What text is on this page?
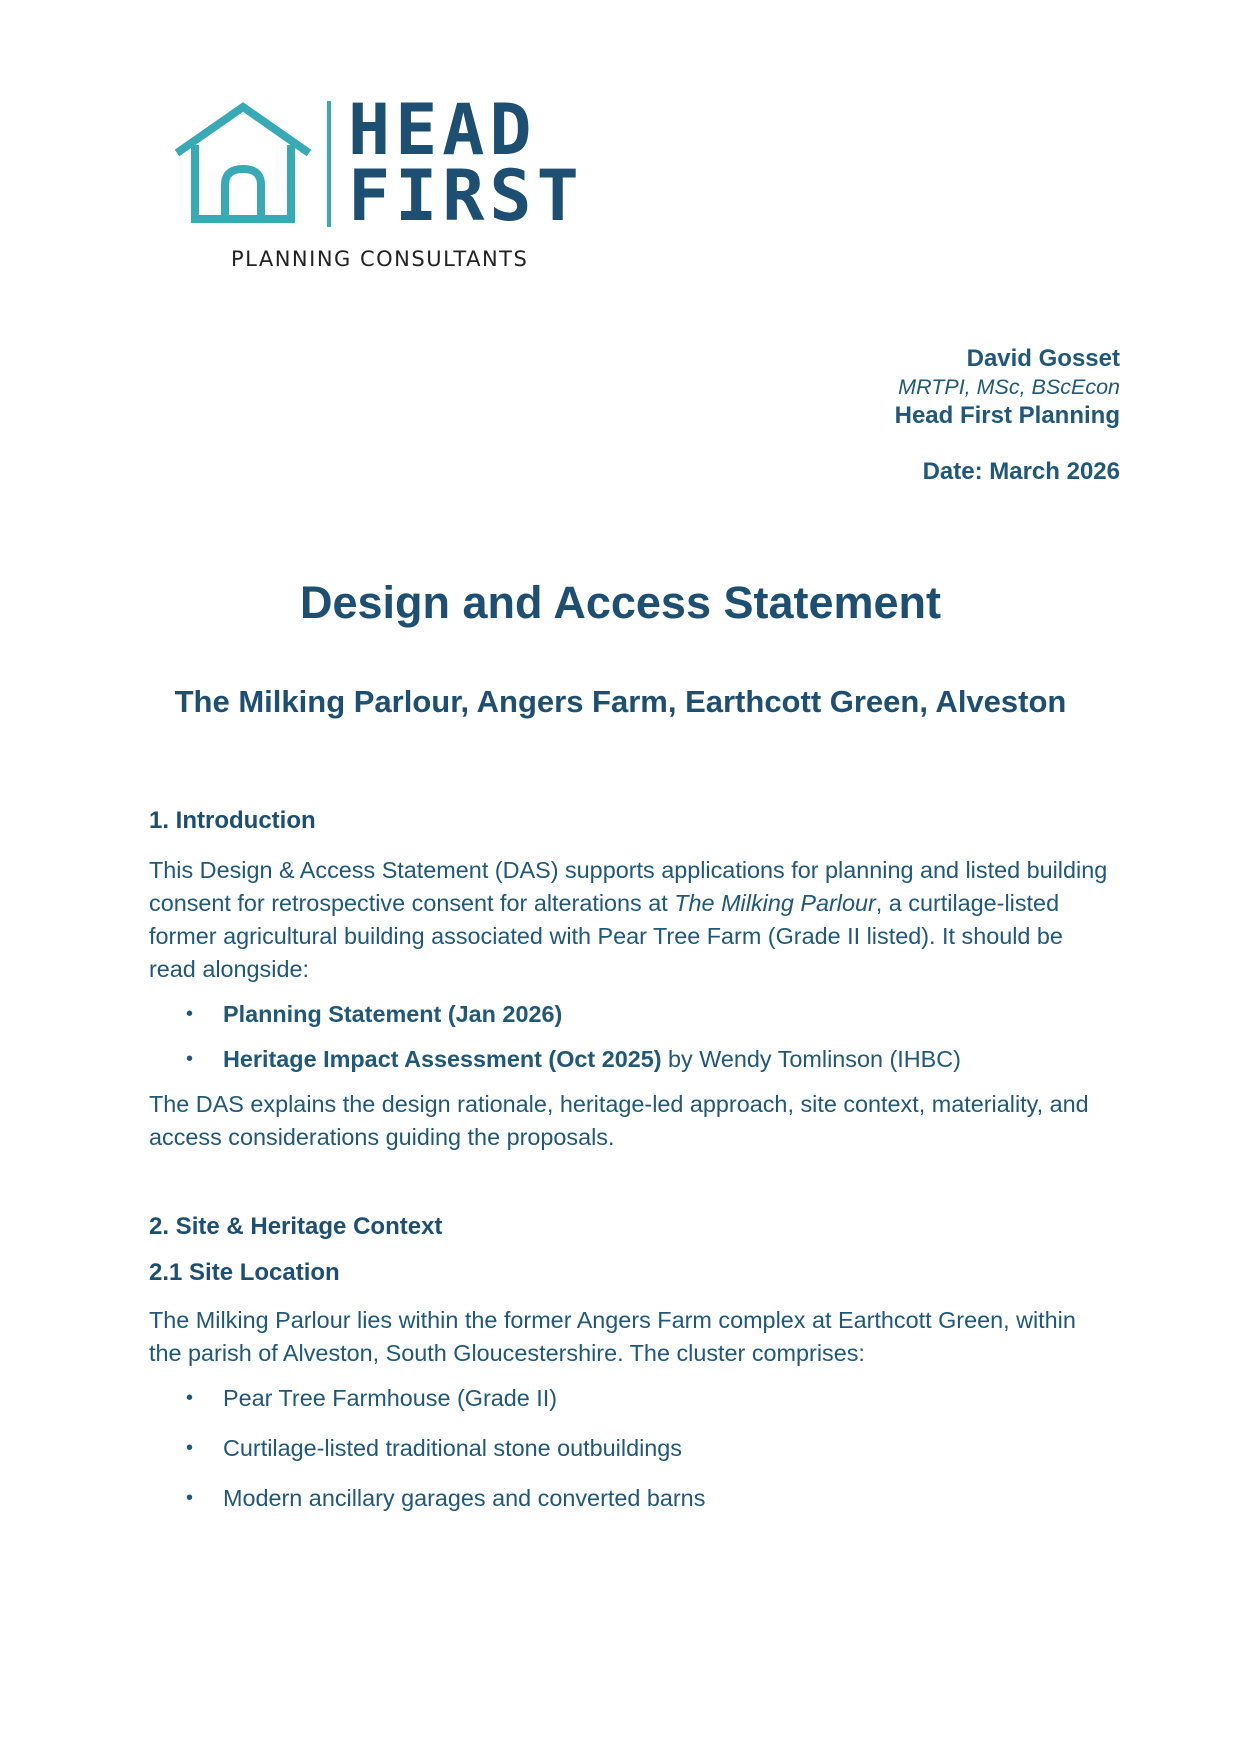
HEAD
FIRST
PLANNING CONSULTANTS
David Gosset
MRTPI, MSc, BScEcon
Head First Planning
Date: March 2026
Design and Access Statement
The Milking Parlour, Angers Farm, Earthcott Green, Alveston
1. Introduction

This Design & Access Statement (DAS) supports applications for planning and listed building consent for retrospective consent for alterations at The Milking Parlour, a curtilage-listed former agricultural building associated with Pear Tree Farm (Grade II listed). It should be read alongside:

• Planning Statement (Jan 2026)
• Heritage Impact Assessment (Oct 2025) by Wendy Tomlinson (IHBC)

The DAS explains the design rationale, heritage-led approach, site context, materiality, and access considerations guiding the proposals.

2. Site & Heritage Context
2.1 Site Location

The Milking Parlour lies within the former Angers Farm complex at Earthcott Green, within the parish of Alveston, South Gloucestershire. The cluster comprises:

• Pear Tree Farmhouse (Grade II)
• Curtilage-listed traditional stone outbuildings
• Modern ancillary garages and converted barns
